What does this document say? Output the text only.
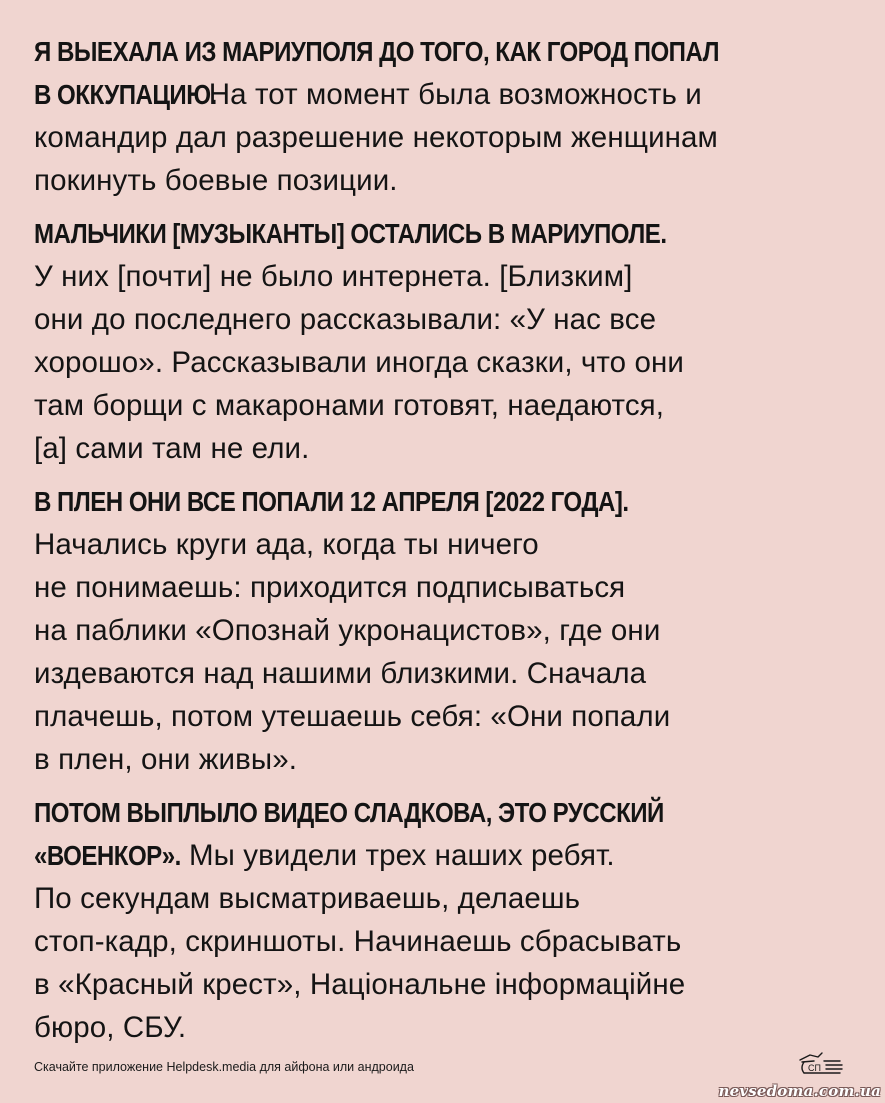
Я ВЫЕХАЛА ИЗ МАРИУПОЛЯ ДО ТОГО, КАК ГОРОД ПОПАЛ
В ОККУПАЦИЮ. На тот момент была возможность и
командир дал разрешение некоторым женщинам
покинуть боевые позиции.
МАЛЬЧИКИ [МУЗЫКАНТЫ] ОСТАЛИСЬ В МАРИУПОЛЕ.
У них [почти] не было интернета. [Близким]
они до последнего рассказывали: «У нас все
хорошо». Рассказывали иногда сказки, что они
там борщи с макаронами готовят, наедаются,
[а] сами там не ели.
В ПЛЕН ОНИ ВСЕ ПОПАЛИ 12 АПРЕЛЯ [2022 ГОДА].
Начались круги ада, когда ты ничего
не понимаешь: приходится подписываться
на паблики «Опознай укронацистов», где они
издеваются над нашими близкими. Сначала
плачешь, потом утешаешь себя: «Они попали
в плен, они живы».
ПОТОМ ВЫПЛЫЛО ВИДЕО СЛАДКОВА, ЭТО РУССКИЙ
«ВОЕНКОР». Мы увидели трех наших ребят.
По секундам высматриваешь, делаешь
стоп-кадр, скриншоты. Начинаешь сбрасывать
в «Красный крест», Національне інформаційне
бюро, СБУ.
Скачайте приложение Helpdesk.media для айфона или андроида	СП
nevsedoma.com.ua
